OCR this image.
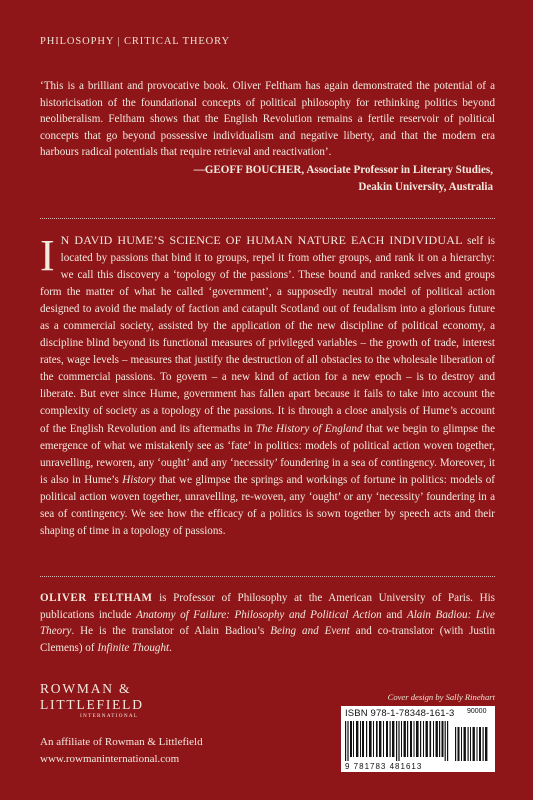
PHILOSOPHY | CRITICAL THEORY
‘This is a brilliant and provocative book. Oliver Feltham has again demonstrated the potential of a historicisation of the foundational concepts of political philosophy for rethinking politics beyond neoliberalism. Feltham shows that the English Revolution remains a fertile reservoir of political concepts that go beyond possessive individualism and negative liberty, and that the modern era harbours radical potentials that require retrieval and reactivation’.
—GEOFF BOUCHER, Associate Professor in Literary Studies,
Deakin University, Australia
I N DAVID HUME’S SCIENCE OF HUMAN NATURE EACH INDIVIDUAL self is located by passions that bind it to groups, repel it from other groups, and rank it on a hierarchy: we call this discovery a ‘topology of the passions’. These bound and ranked selves and groups form the matter of what he called ‘government’, a supposedly neutral model of political action designed to avoid the malady of faction and catapult Scotland out of feudalism into a glorious future as a commercial society, assisted by the application of the new discipline of political economy, a discipline blind beyond its functional measures of privileged variables – the growth of trade, interest rates, wage levels – measures that justify the destruction of all obstacles to the wholesale liberation of the commercial passions. To govern – a new kind of action for a new epoch – is to destroy and liberate. But ever since Hume, government has fallen apart because it fails to take into account the complexity of society as a topology of the passions. It is through a close analysis of Hume’s account of the English Revolution and its aftermaths in The History of England that we begin to glimpse the emergence of what we mistakenly see as ‘fate’ in politics: models of political action woven together, unravelling, reworen, any ‘ought’ and any ‘necessity’ foundering in a sea of contingency. Moreover, it is also in Hume’s History that we glimpse the springs and workings of fortune in politics: models of political action woven together, unravelling, re-woven, any ‘ought’ or any ‘necessity’ foundering in a sea of contingency. We see how the efficacy of a politics is sown together by speech acts and their shaping of time in a topology of passions.
OLIVER FELTHAM is Professor of Philosophy at the American University of Paris. His publications include Anatomy of Failure: Philosophy and Political Action and Alain Badiou: Live Theory. He is the translator of Alain Badiou’s Being and Event and co-translator (with Justin Clemens) of Infinite Thought.
ROWMAN &
LITTLEFIELD
INTERNATIONAL
An affiliate of Rowman & Littlefield
www.rowmaninternational.com
Cover design by Sally Rinehart
ISBN 978-1-78348-161-3
9 781783 481613
90000
